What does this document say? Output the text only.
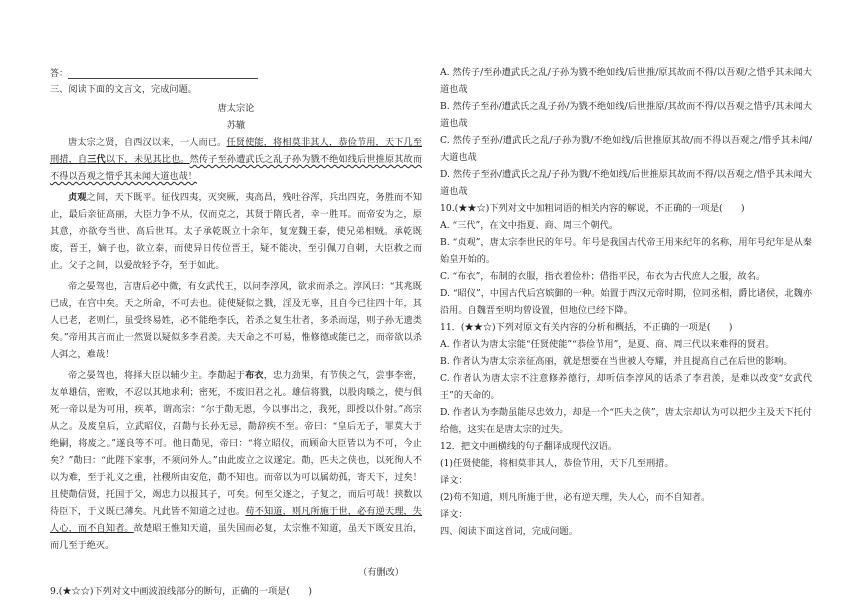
答：

三、阅读下面的文言文，完成问题。

唐太宗论

苏辙

唐太宗之贤，自西汉以来，一人而已。任贤使能，将相莫非其人，恭俭节用，天下几至刑措，自三代以下，未见其比也。然传子至孙遭武氏之乱子孙为戮不绝如线后世推原其故而不得以吾观之惜乎其未闻大道也哉！

贞观之间，天下既平。征伐四夷，灭突厥，夷高昌，残吐谷浑，兵出四克，务胜而不知止，最后亲征高丽，大臣力争不从，仅而克之，其贤于隋氏者，幸一胜耳。而帝安为之，原其意，亦欲夸当世、高后世耳。太子承乾既立十余年，复宠魏王泰，使兄弟相贼。承乾既废，晋王，嫡子也，欲立泰，而使异日传位晋王，疑不能决，至引佩刀自刺，大臣救之而止。父子之间，以爱故轻予夺，至于如此。

帝之晏驾也，言唐后必中微，有女武代王，以问李淳风，欲求而杀之。淳风曰：“其兆既已成，在宫中矣。天之所命，不可去也。徒使疑似之戮，淫及无辜，且自今已往四十年，其人已老，老则仁，虽受终易姓，必不能绝李氏，若杀之复生壮者，多杀而逞，则子孙无遗类矣。”帝用其言而止一然贤以疑似多李君羡。夫天命之不可易，惟修德或能已之，而帝欲以杀人弭之，难哉！

帝之晏驾也，将择大臣以辅少主。李勣起于布衣，忠力劲果，有节侠之气，尝事李密，友单雄信，密败，不忍以其地求利；密死，不废旧君之礼。雄信将戮，以股肉啖之，使与俱死一帝以是为可用，疾革，谓高宗：“尔于勣无恩，今以事出之，我死，即授以仆射。”高宗从之。及废皇后，立武昭仪，召勣与长孙无忌，勣辞疾不至。帝曰：“皇后无子，罪莫大于绝嗣，将废之。”遂良等不可。他日勣见，帝曰：“将立昭仪，而顾命大臣皆以为不可，今止矣？”勣曰：“此陛下家事，不须问外人。”由此废立之议遂定。勣，匹夫之侠也，以死徇人不以为难，至于礼义之重，社稷所由安危，勣不知也。而帝以为可以属幼孤，寄天下，过矣！且使勣信贤，托国于父，竭忠力以报其子，可矣。何至父逐之，子复之，而后可哉！挟数以待臣下，于义既已薄矣。凡此皆不知道之过也。苟不知道，则凡所施于世，必有逆天理，失人心，而不自知者。故楚昭王惟知天道，虽失国而必复，太宗惟不知道，虽天下既安且治，而几至于绝灭。

（有删改）

9.(★☆☆)下列对文中画波浪线部分的断句，正确的一项是(　　)

A. 然传子/至孙遭武氏之乱/子孙为戮不绝如线/后世推/原其故而不得/以吾观/之惜乎其未闻大道也哉

B. 然传子至孙/遭武氏之乱子孙/为戮不绝如线/后世推原/其故而不得/以吾观之惜乎/其未闻大道也哉

C. 然传子至孙/遭武氏之乱/子孙为戮/不绝如线/后世推原其故/而不得以吾观之/惜乎其未闻/大道也哉

D. 然传子至孙/遭武氏之乱/子孙为戮/不绝如线/后世推原其故而不得/以吾观之/惜乎其未闻大道也哉

10.(★★☆)下列对文中加粗词语的相关内容的解说，不正确的一项是(　　)

A. “三代”，在文中指夏、商、周三个朝代。

B. “贞观”，唐太宗李世民的年号。年号是我国古代帝王用来纪年的名称，用年号纪年是从秦始皇开始的。

C. “布衣”，布制的衣服，指衣着俭朴；借指平民，布衣为古代庶人之服，故名。

D. “昭仪”，中国古代后宫嫔御的一种。始置于西汉元帝时期，位同丞相，爵比诸侯，北魏亦沿用。自魏晋至明均曾设置，但地位已经下降。

11．(★★☆)下列对原文有关内容的分析和概括，不正确的一项是(　　)

A. 作者认为唐太宗能“任贤使能”“恭俭节用”，是夏、商、周三代以来难得的贤君。

B. 作者认为唐太宗亲征高丽，就是想要在当世被人夸耀，并且提高自己在后世的影响。

C. 作者认为唐太宗不注意修养德行，却听信李淳风的话杀了李君羡，是难以改变“女武代王”的天命的。

D. 作者认为李勣虽能尽忠效力，却是一个“匹夫之侠”，唐太宗却认为可以把少主及天下托付给他，这实在是唐太宗的过失。

12．把文中画横线的句子翻译成现代汉语。

(1)任贤使能，将相莫非其人，恭俭节用，天下几至刑措。

译文：

(2)苟不知道，则凡所施于世，必有逆天理，失人心，而不自知者。

译文：

四、阅读下面这首词，完成问题。
